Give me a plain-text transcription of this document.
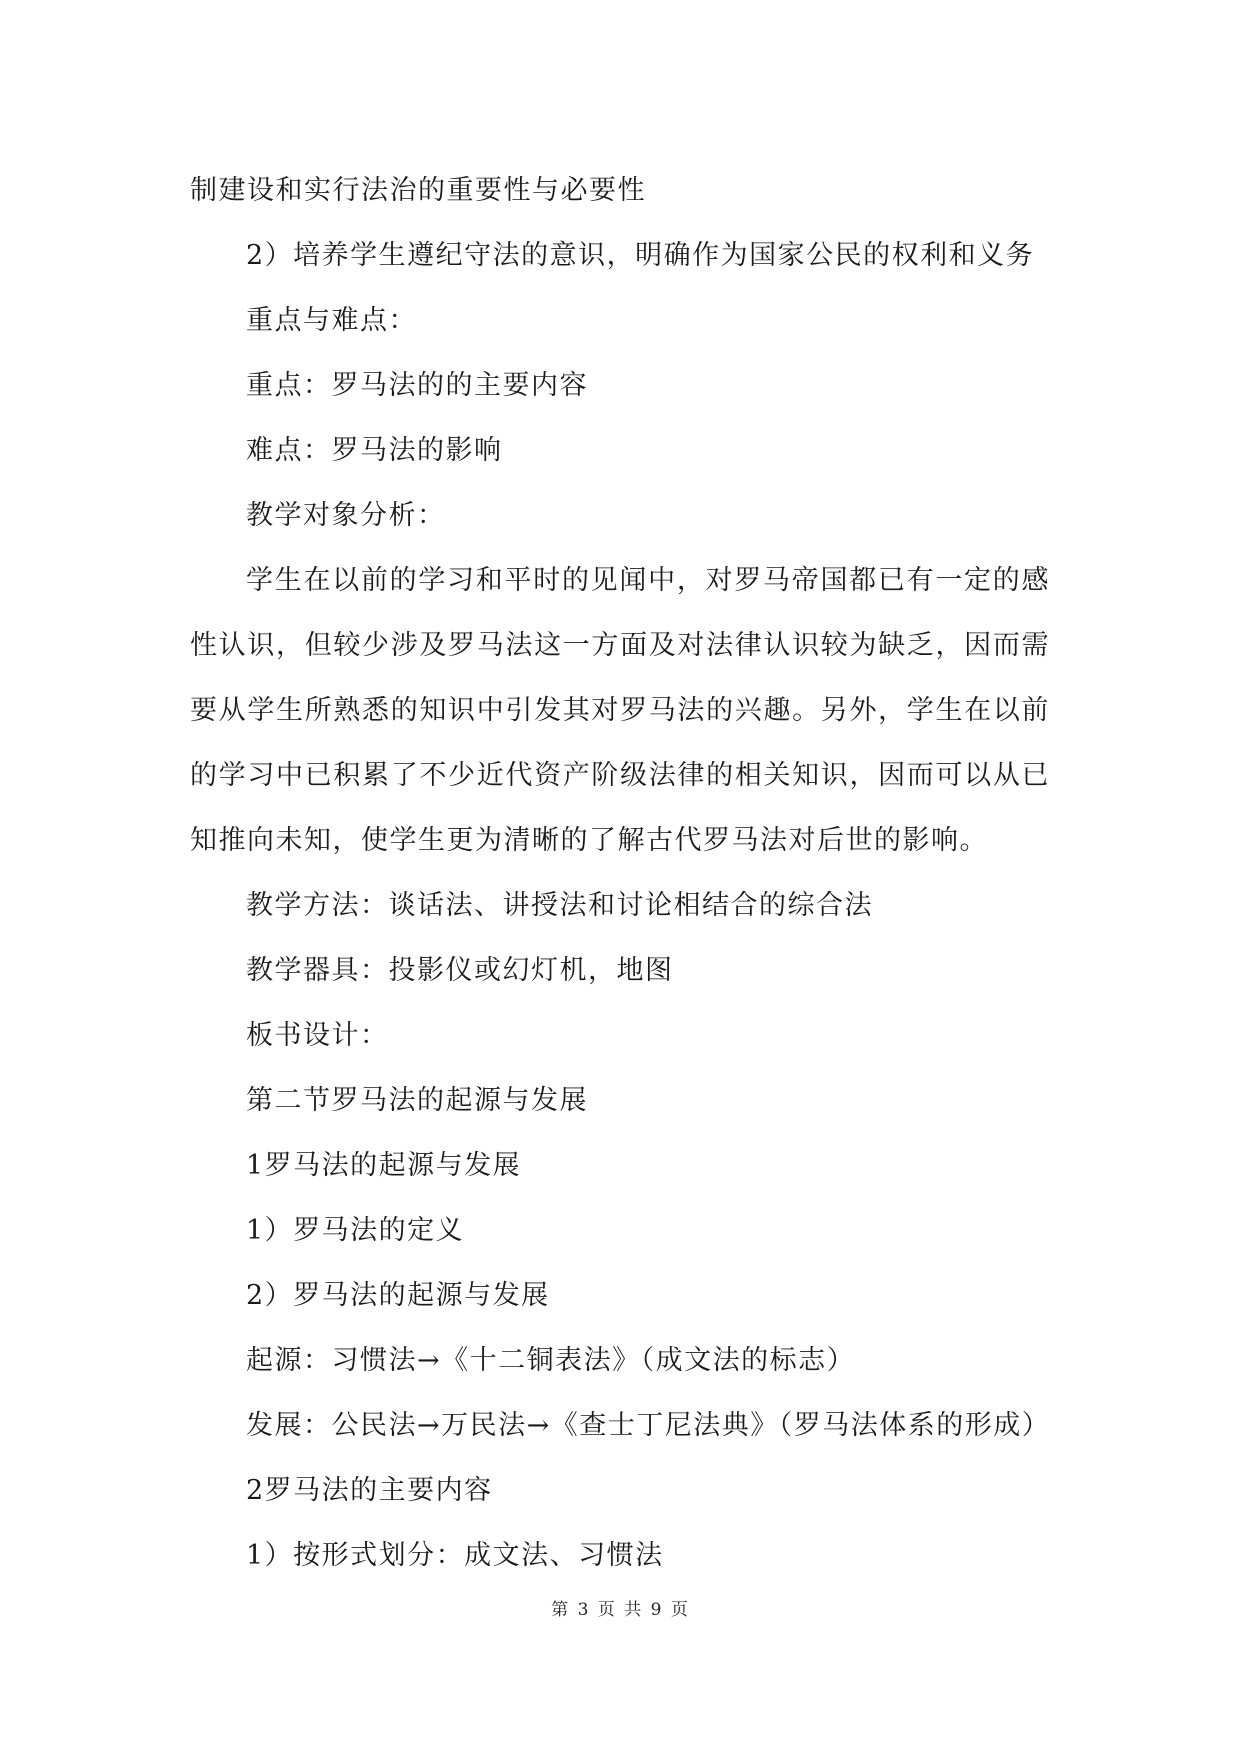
制建设和实行法治的重要性与必要性
2）培养学生遵纪守法的意识，明确作为国家公民的权利和义务
重点与难点：
重点：罗马法的的主要内容
难点：罗马法的影响
教学对象分析：
学生在以前的学习和平时的见闻中，对罗马帝国都已有一定的感性认识，但较少涉及罗马法这一方面及对法律认识较为缺乏，因而需要从学生所熟悉的知识中引发其对罗马法的兴趣。另外，学生在以前的学习中已积累了不少近代资产阶级法律的相关知识，因而可以从已知推向未知，使学生更为清晰的了解古代罗马法对后世的影响。
教学方法：谈话法、讲授法和讨论相结合的综合法
教学器具：投影仪或幻灯机，地图
板书设计：
第二节罗马法的起源与发展
1罗马法的起源与发展
1）罗马法的定义
2）罗马法的起源与发展
起源：习惯法→《十二铜表法》（成文法的标志）
发展：公民法→万民法→《查士丁尼法典》（罗马法体系的形成）
2罗马法的主要内容
1）按形式划分：成文法、习惯法
第 3 页 共 9 页
